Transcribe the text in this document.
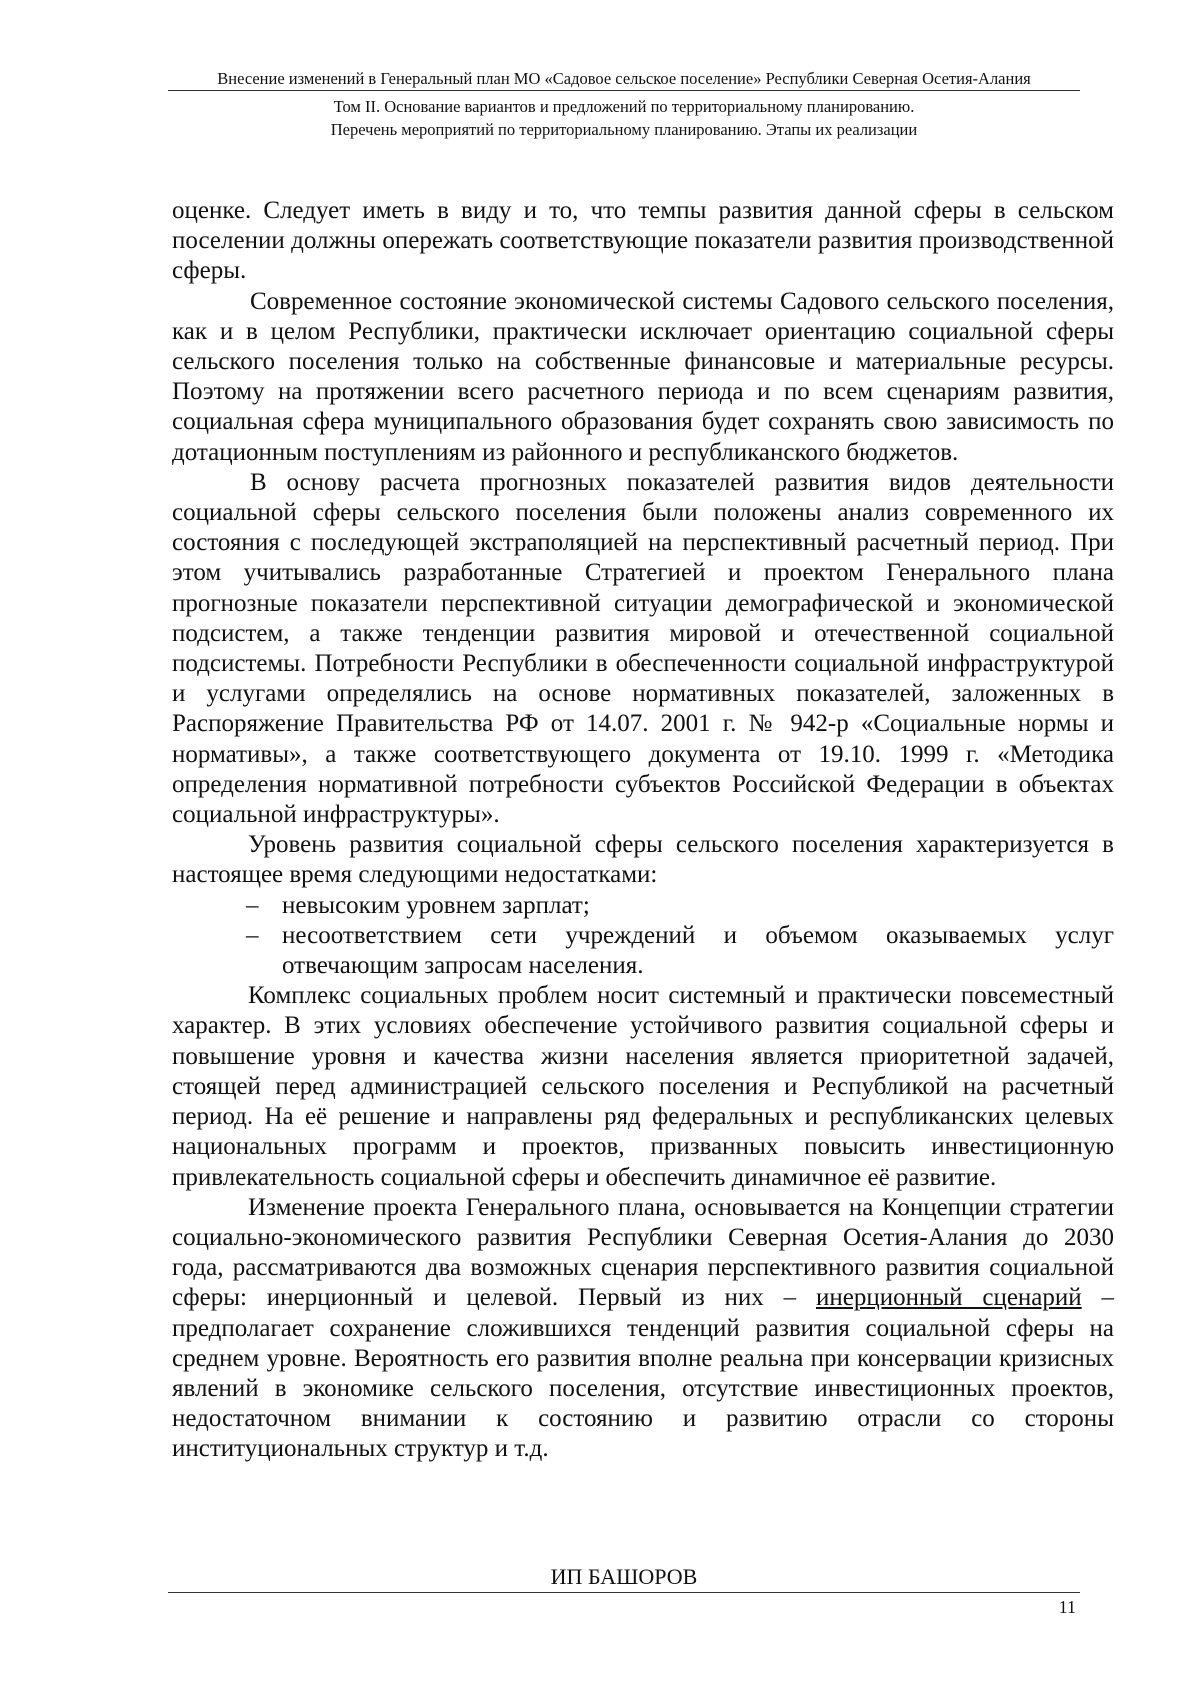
Внесение изменений в Генеральный план МО «Садовое сельское поселение» Республики Северная Осетия-Алания

Том II. Основание вариантов и предложений по территориальному планированию.

Перечень мероприятий по территориальному планированию. Этапы их реализации

оценке. Следует иметь в виду и то, что темпы развития данной сферы в сельском поселении должны опережать соответствующие показатели развития производственной сферы.

Современное состояние экономической системы Садового сельского поселения, как и в целом Республики, практически исключает ориентацию социальной сферы сельского поселения только на собственные финансовые и материальные ресурсы. Поэтому на протяжении всего расчетного периода и по всем сценариям развития, социальная сфера муниципального образования будет сохранять свою зависимость по дотационным поступлениям из районного и республиканского бюджетов.

В основу расчета прогнозных показателей развития видов деятельности социальной сферы сельского поселения были положены анализ современного их состояния с последующей экстраполяцией на перспективный расчетный период. При этом учитывались разработанные Стратегией и проектом Генерального плана прогнозные показатели перспективной ситуации демографической и экономической подсистем, а также тенденции развития мировой и отечественной социальной подсистемы. Потребности Республики в обеспеченности социальной инфраструктурой и услугами определялись на основе нормативных показателей, заложенных в Распоряжение Правительства РФ от 14.07. 2001 г. № 942-р «Социальные нормы и нормативы», а также соответствующего документа от 19.10. 1999 г. «Методика определения нормативной потребности субъектов Российской Федерации в объектах социальной инфраструктуры».

Уровень развития социальной сферы сельского поселения характеризуется в настоящее время следующими недостатками:

– невысоким уровнем зарплат;
– несоответствием сети учреждений и объемом оказываемых услуг отвечающим запросам населения.

Комплекс социальных проблем носит системный и практически повсеместный характер. В этих условиях обеспечение устойчивого развития социальной сферы и повышение уровня и качества жизни населения является приоритетной задачей, стоящей перед администрацией сельского поселения и Республикой на расчетный период. На её решение и направлены ряд федеральных и республиканских целевых национальных программ и проектов, призванных повысить инвестиционную привлекательность социальной сферы и обеспечить динамичное её развитие.

Изменение проекта Генерального плана, основывается на Концепции стратегии социально-экономического развития Республики Северная Осетия-Алания до 2030 года, рассматриваются два возможных сценария перспективного развития социальной сферы: инерционный и целевой. Первый из них – инерционный сценарий – предполагает сохранение сложившихся тенденций развития социальной сферы на среднем уровне. Вероятность его развития вполне реальна при консервации кризисных явлений в экономике сельского поселения, отсутствие инвестиционных проектов, недостаточном внимании к состоянию и развитию отрасли со стороны институциональных структур и т.д.

ИП БАШОРОВ

11
